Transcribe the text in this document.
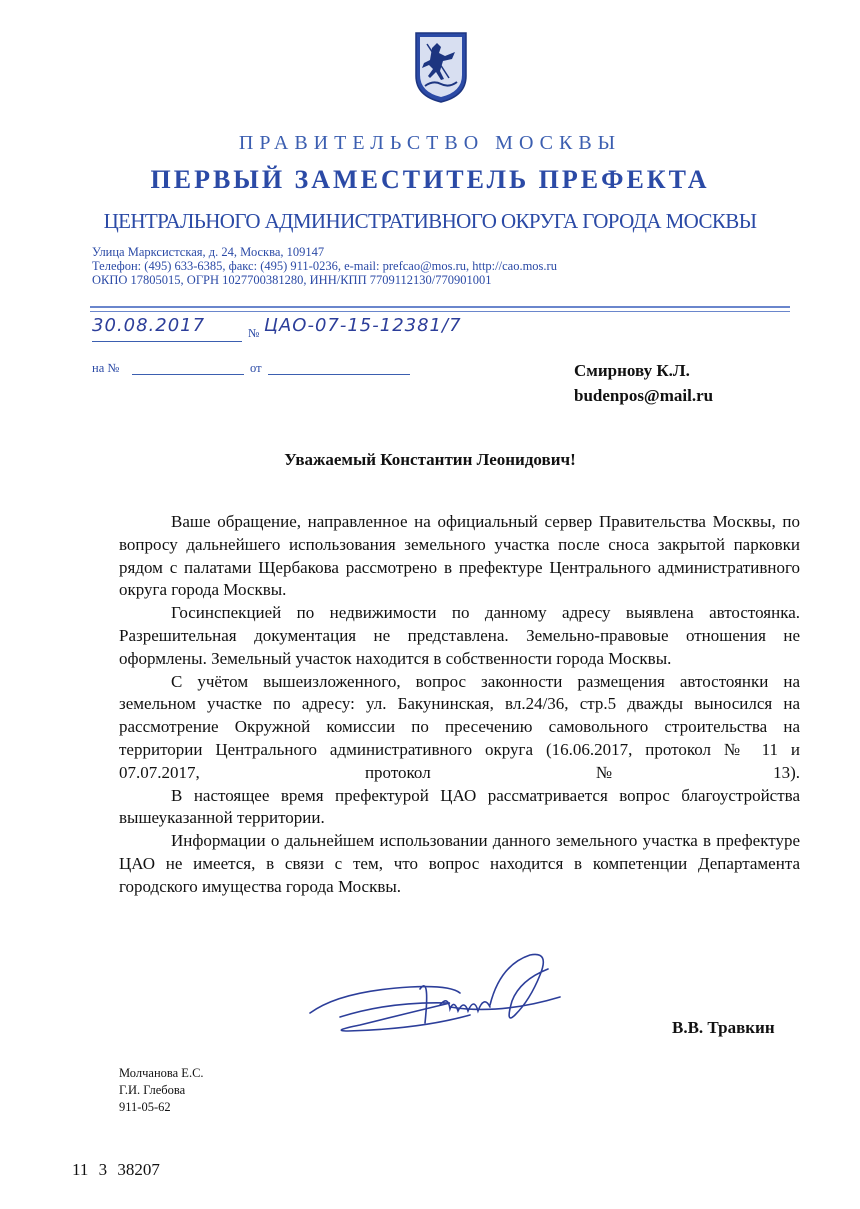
ПРАВИТЕЛЬСТВО МОСКВЫ
ПЕРВЫЙ ЗАМЕСТИТЕЛЬ ПРЕФЕКТА
ЦЕНТРАЛЬНОГО АДМИНИСТРАТИВНОГО ОКРУГА ГОРОДА МОСКВЫ
Улица Марксистская, д. 24, Москва, 109147
Телефон: (495) 633-6385, факс: (495) 911-0236, e-mail: prefcao@mos.ru, http://cao.mos.ru
ОКПО 17805015, ОГРН 1027700381280, ИНН/КПП 7709112130/770901001
30.08.2017	№ ЦАО-07-15-12381/7
на №	от	Смирнову К.Л.
budenpos@mail.ru
Уважаемый Константин Леонидович!

Ваше обращение, направленное на официальный сервер Правительства Москвы, по вопросу дальнейшего использования земельного участка после сноса закрытой парковки рядом с палатами Щербакова рассмотрено в префектуре Центрального административного округа города Москвы.

Госинспекцией по недвижимости по данному адресу выявлена автостоянка. Разрешительная документация не представлена. Земельно-правовые отношения не оформлены. Земельный участок находится в собственности города Москвы.

С учётом вышеизложенного, вопрос законности размещения автостоянки на земельном участке по адресу: ул. Бакунинская, вл.24/36, стр.5 дважды выносился на рассмотрение Окружной комиссии по пресечению самовольного строительства на территории Центрального административного округа (16.06.2017, протокол № 11 и 07.07.2017, протокол №13).

В настоящее время префектурой ЦАО рассматривается вопрос благоустройства вышеуказанной территории.

Информации о дальнейшем использовании данного земельного участка в префектуре ЦАО не имеется, в связи с тем, что вопрос находится в компетенции Департамента городского имущества города Москвы.

В.В. Травкин
Молчанова Е.С.
Г.И. Глебова
911-05-62
11 3 38207
